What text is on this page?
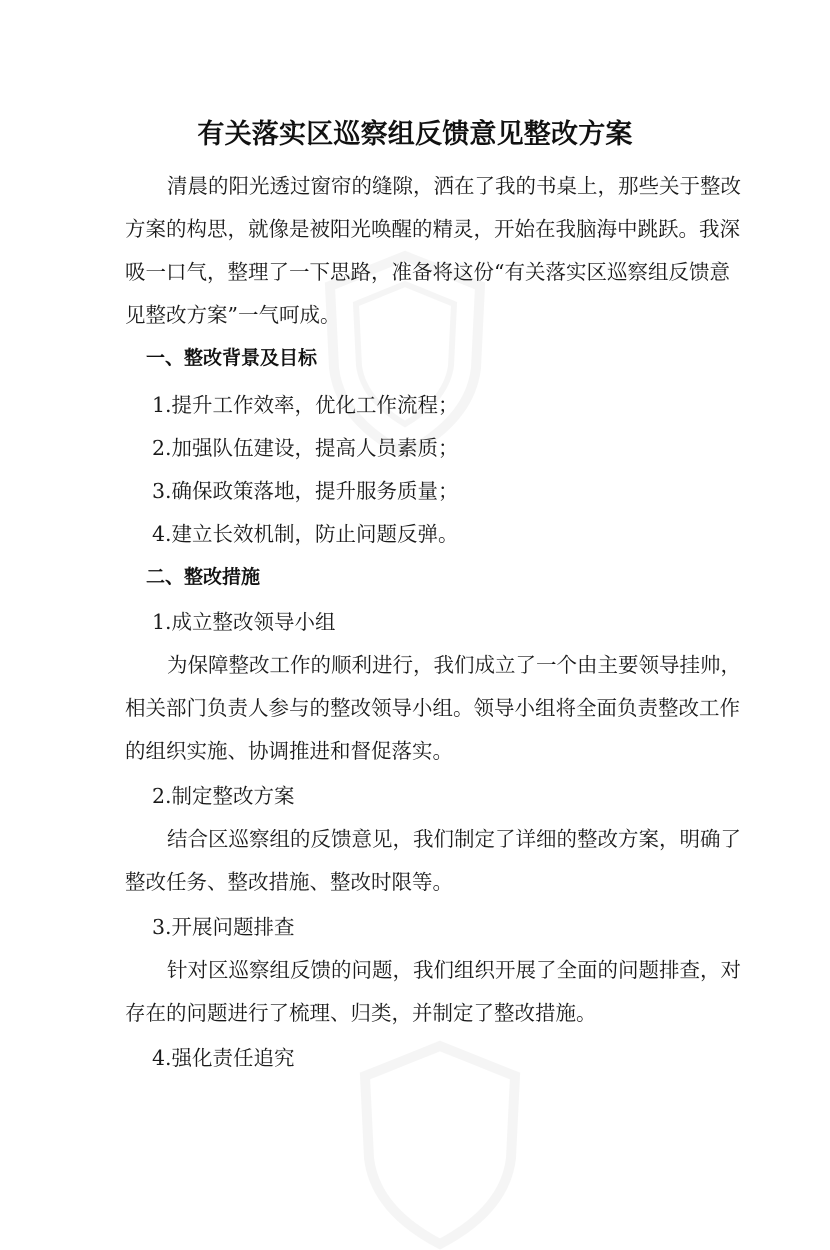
有关落实区巡察组反馈意见整改方案
清晨的阳光透过窗帘的缝隙，洒在了我的书桌上，那些关于整改
方案的构思，就像是被阳光唤醒的精灵，开始在我脑海中跳跃。我深
吸一口气，整理了一下思路，准备将这份“有关落实区巡察组反馈意
见整改方案”一气呵成。
一、整改背景及目标
1.提升工作效率，优化工作流程；
2.加强队伍建设，提高人员素质；
3.确保政策落地，提升服务质量；
4.建立长效机制，防止问题反弹。
二、整改措施
1.成立整改领导小组
为保障整改工作的顺利进行，我们成立了一个由主要领导挂帅，
相关部门负责人参与的整改领导小组。领导小组将全面负责整改工作
的组织实施、协调推进和督促落实。
2.制定整改方案
结合区巡察组的反馈意见，我们制定了详细的整改方案，明确了
整改任务、整改措施、整改时限等。
3.开展问题排查
针对区巡察组反馈的问题，我们组织开展了全面的问题排查，对
存在的问题进行了梳理、归类，并制定了整改措施。
4.强化责任追究
